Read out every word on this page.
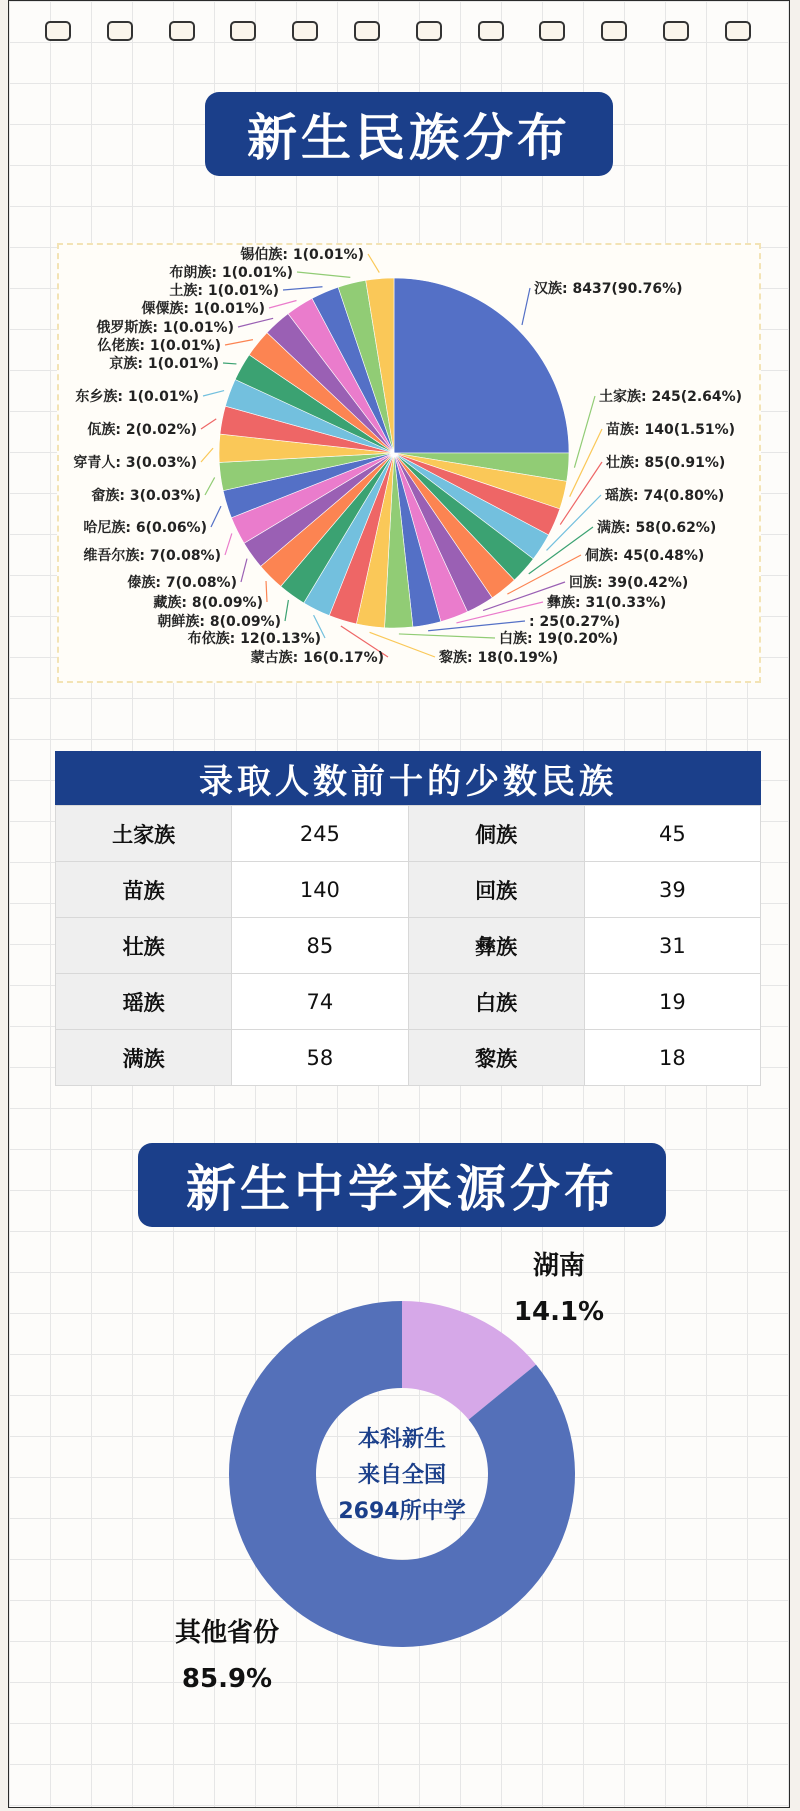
新生民族分布
汉族: 8437(90.76%)
土家族: 245(2.64%)
苗族: 140(1.51%)
壮族: 85(0.91%)
瑶族: 74(0.80%)
满族: 58(0.62%)
侗族: 45(0.48%)
回族: 39(0.42%)
彝族: 31(0.33%)
: 25(0.27%)
白族: 19(0.20%)
黎族: 18(0.19%)
蒙古族: 16(0.17%)
布依族: 12(0.13%)
朝鲜族: 8(0.09%)
藏族: 8(0.09%)
傣族: 7(0.08%)
维吾尔族: 7(0.08%)
哈尼族: 6(0.06%)
畲族: 3(0.03%)
穿青人: 3(0.03%)
佤族: 2(0.02%)
东乡族: 1(0.01%)
京族: 1(0.01%)
仫佬族: 1(0.01%)
俄罗斯族: 1(0.01%)
傈僳族: 1(0.01%)
土族: 1(0.01%)
布朗族: 1(0.01%)
锡伯族: 1(0.01%)
录取人数前十的少数民族
土家族	245	侗族	45
苗族	140	回族	39
壮族	85	彝族	31
瑶族	74	白族	19
满族	58	黎族	18
新生中学来源分布
湖南
14.1%
其他省份
85.9%
本科新生
来自全国
2694所中学
